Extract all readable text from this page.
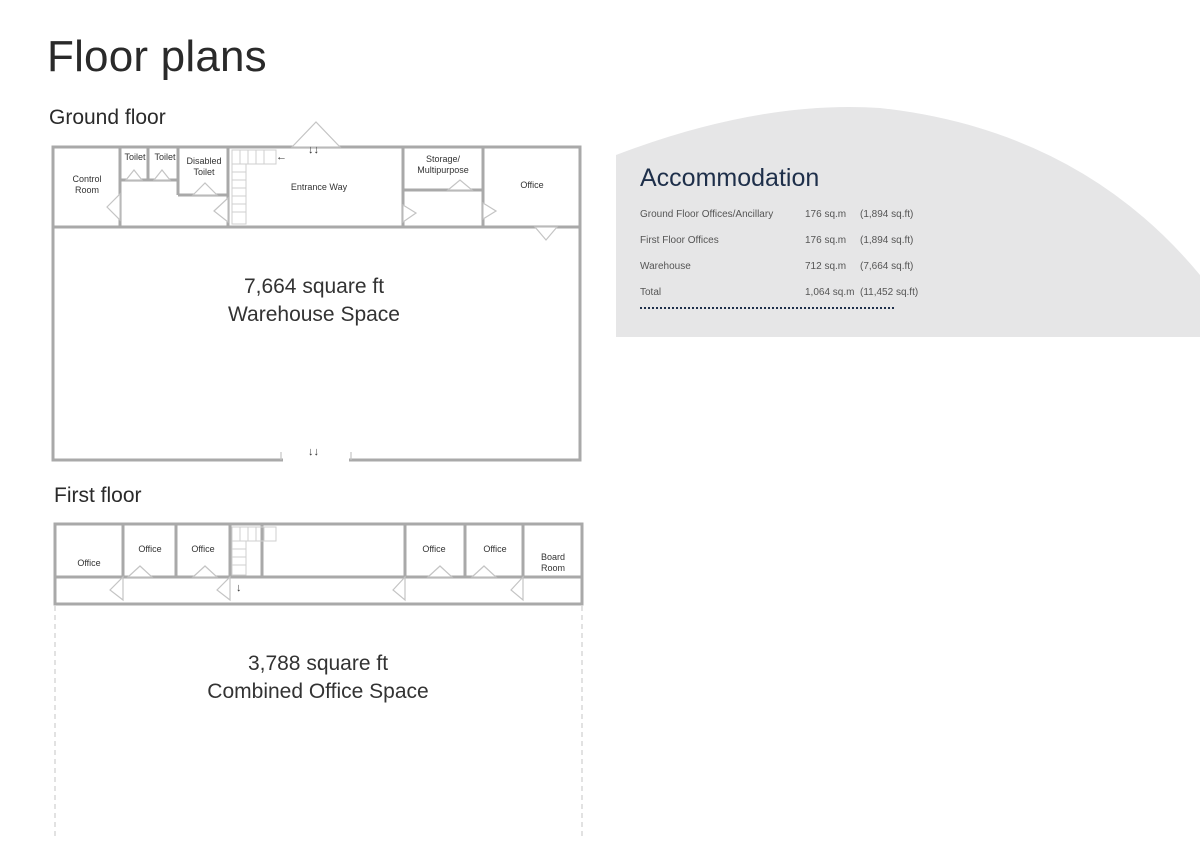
Floor plans
Ground floor
First floor
↓↓
↓↓
←
↓
Control
Room
Toilet Toilet Disabled
Toilet
Entrance Way
Storage/
Multipurpose
Office
7,664 square ft
Warehouse Space
Office
Office	Office	Office	Office
Board
Room
3,788 square ft
Combined Office Space
Accommodation
Ground Floor Offices/Ancillary	176 sq.m	(1,894 sq.ft)
First Floor Offices	176 sq.m	(1,894 sq.ft)
Warehouse	712 sq.m	(7,664 sq.ft)
Total	1,064 sq.m (11,452 sq.ft)
